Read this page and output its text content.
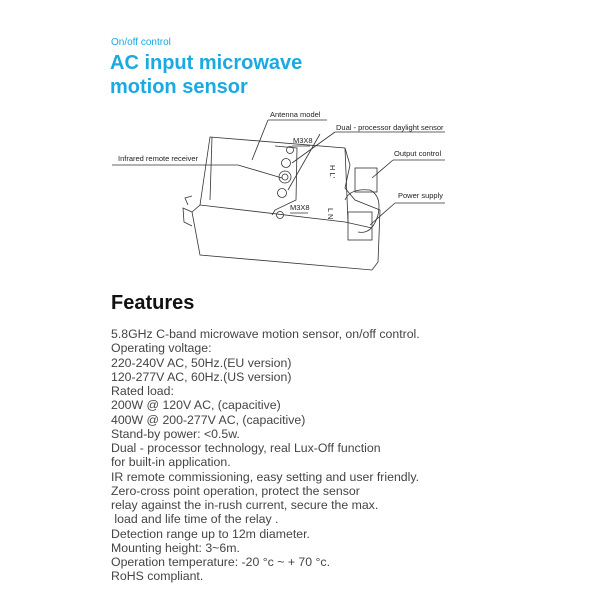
On/off control
AC input microwave
motion sensor
Antenna model
M3X8
Dual - processor daylight sensor
Infrared remote receiver
Output control
Power supply
M3X8
H L'
L N
Features
5.8GHz C-band microwave motion sensor, on/off control.
Operating voltage:
220-240V AC, 50Hz.(EU version)
120-277V AC, 60Hz.(US version)
Rated load:
200W @ 120V AC, (capacitive)
400W @ 200-277V AC, (capacitive)
Stand-by power: <0.5w.
Dual - processor technology, real Lux-Off function
for built-in application.
IR remote commissioning, easy setting and user friendly.
Zero-cross point operation, protect the sensor
relay against the in-rush current, secure the max.
load and life time of the relay .
Detection range up to 12m diameter.
Mounting height: 3~6m.
Operation temperature: -20 °c ~ + 70 °c.
RoHS compliant.
